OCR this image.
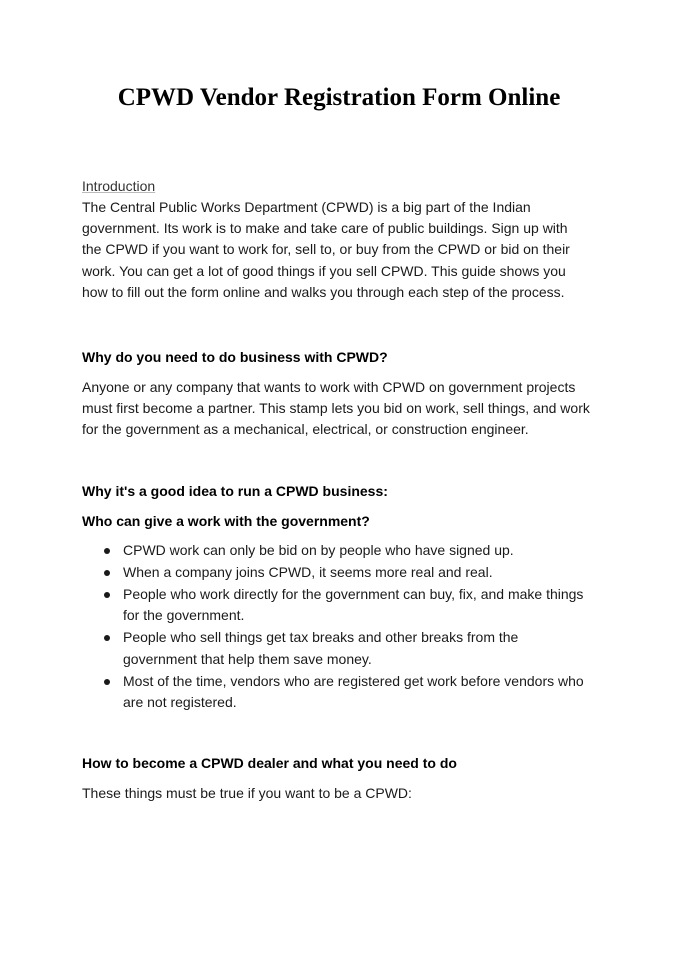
CPWD Vendor Registration Form Online

Introduction

The Central Public Works Department (CPWD) is a big part of the Indian government. Its work is to make and take care of public buildings. Sign up with the CPWD if you want to work for, sell to, or buy from the CPWD or bid on their work. You can get a lot of good things if you sell CPWD. This guide shows you how to fill out the form online and walks you through each step of the process.

Why do you need to do business with CPWD?

Anyone or any company that wants to work with CPWD on government projects must first become a partner. This stamp lets you bid on work, sell things, and work for the government as a mechanical, electrical, or construction engineer.

Why it's a good idea to run a CPWD business:

Who can give a work with the government?

CPWD work can only be bid on by people who have signed up.
When a company joins CPWD, it seems more real and real.
People who work directly for the government can buy, fix, and make things for the government.
People who sell things get tax breaks and other breaks from the government that help them save money.
Most of the time, vendors who are registered get work before vendors who are not registered.

How to become a CPWD dealer and what you need to do

These things must be true if you want to be a CPWD:
